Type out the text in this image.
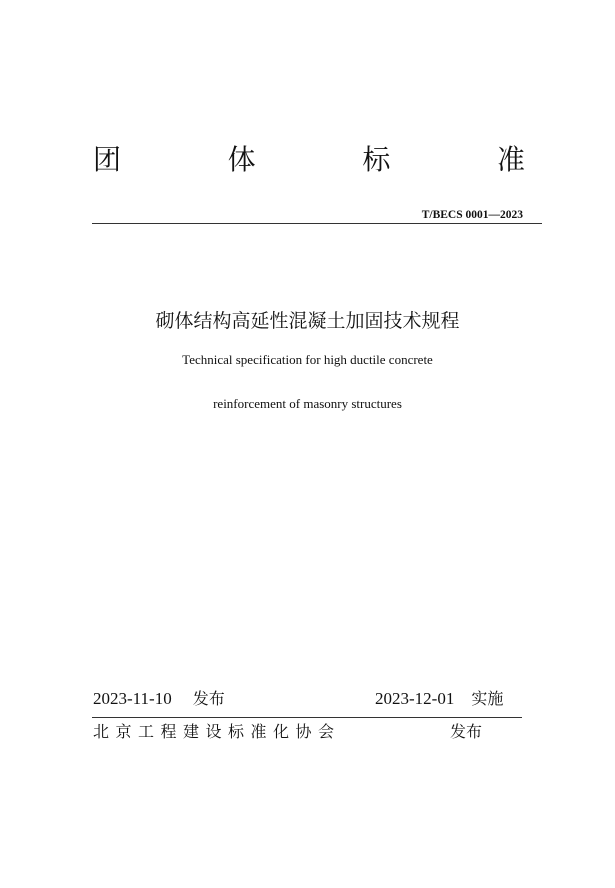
团	体	标	准
T/BECS 0001—2023
砌体结构高延性混凝土加固技术规程
Technical specification for high ductile concrete
reinforcement of masonry structures
2023-11-10 发布	2023-12-01 实施
北京工程建设标准化协会	发布
